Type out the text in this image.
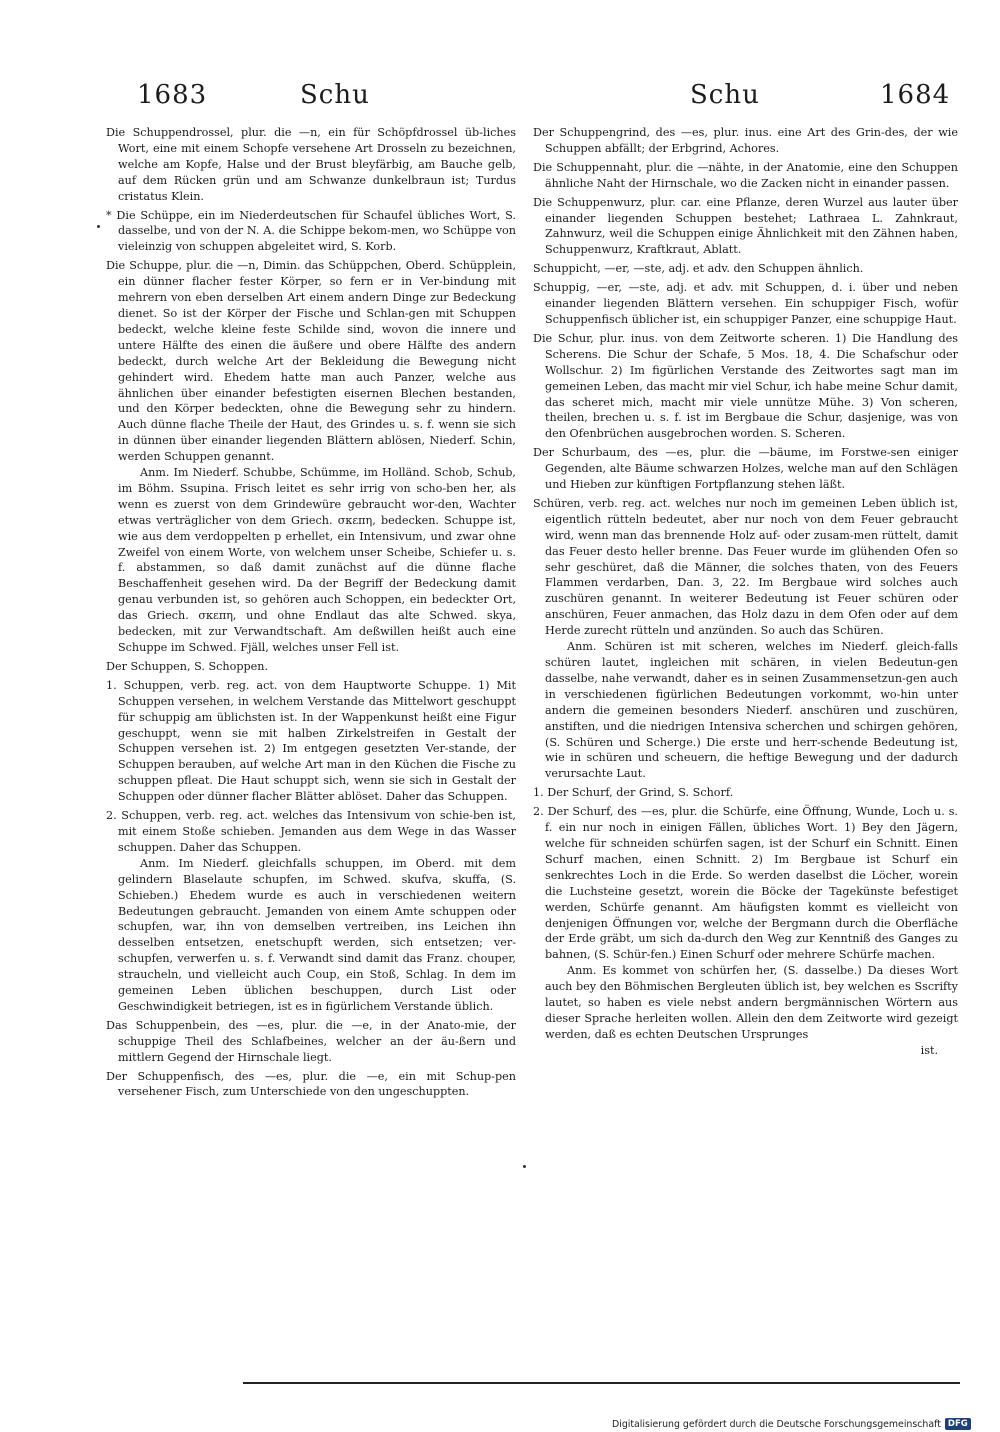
1683	Schu	Schu	1684

Die Schuppendrossel, plur. die —n, ein für Schöpfdrossel üb-liches Wort, eine mit einem Schopfe versehene Art Drosseln zu bezeichnen, welche am Kopfe, Halse und der Brust bleyfärbig, am Bauche gelb, auf dem Rücken grün und am Schwanze dunkelbraun ist; Turdus cristatus Klein.

* Die Schüppe, ein im Niederdeutschen für Schaufel übliches Wort, S. dasselbe, und von der N. A. die Schippe bekom-men, wo Schüppe von vieleinzig von schuppen abgeleitet wird, S. Korb.

Die Schuppe, plur. die —n, Dimin. das Schüppchen, Oberd. Schüpplein, ein dünner flacher fester Körper, so fern er in Ver-bindung mit mehrern von eben derselben Art einem andern Dinge zur Bedeckung dienet. So ist der Körper der Fische und Schlan-gen mit Schuppen bedeckt, welche kleine feste Schilde sind, wovon die innere und untere Hälfte des einen die äußere und obere Hälfte des andern bedeckt, durch welche Art der Bekleidung die Bewegung nicht gehindert wird. Ehedem hatte man auch Panzer, welche aus ähnlichen über einander befestigten eisernen Blechen bestanden, und den Körper bedeckten, ohne die Bewegung sehr zu hindern. Auch dünne flache Theile der Haut, des Grindes u. s. f. wenn sie sich in dünnen über einander liegenden Blättern ablösen, Niederf. Schin, werden Schuppen genannt.

Anm. Im Niederf. Schubbe, Schümme, im Holländ. Schob, Schub, im Böhm. Ssupina. Frisch leitet es sehr irrig von scho-ben her, als wenn es zuerst von dem Grindewüre gebraucht wor-den, Wachter etwas verträglicher von dem Griech. σκεπη, bedecken. Schuppe ist, wie aus dem verdoppelten p erhellet, ein Intensivum, und zwar ohne Zweifel von einem Worte, von welchem unser Scheibe, Schiefer u. s. f. abstammen, so daß damit zunächst auf die dünne flache Beschaffenheit gesehen wird. Da der Begriff der Bedeckung damit genau verbunden ist, so gehören auch Schoppen, ein bedeckter Ort, das Griech. σκεπη, und ohne Endlaut das alte Schwed. skya, bedecken, mit zur Verwandtschaft. Am deßwillen heißt auch eine Schuppe im Schwed. Fjäll, welches unser Fell ist.

Der Schuppen, S. Schoppen.

1. Schuppen, verb. reg. act. von dem Hauptworte Schuppe. 1) Mit Schuppen versehen, in welchem Verstande das Mittelwort geschuppt für schuppig am üblichsten ist. In der Wappenkunst heißt eine Figur geschuppt, wenn sie mit halben Zirkelstreifen in Gestalt der Schuppen versehen ist. 2) Im entgegen gesetzten Ver-stande, der Schuppen berauben, auf welche Art man in den Küchen die Fische zu schuppen pfleat. Die Haut schuppt sich, wenn sie sich in Gestalt der Schuppen oder dünner flacher Blätter ablöset. Daher das Schuppen.

2. Schuppen, verb. reg. act. welches das Intensivum von schie-ben ist, mit einem Stoße schieben. Jemanden aus dem Wege in das Wasser schuppen. Daher das Schuppen.

Anm. Im Niederf. gleichfalls schuppen, im Oberd. mit dem gelindern Blaselaute schupfen, im Schwed. skufva, skuffa, (S. Schieben.) Ehedem wurde es auch in verschiedenen weitern Bedeutungen gebraucht. Jemanden von einem Amte schuppen oder schupfen, war, ihn von demselben vertreiben, ins Leichen ihn desselben entsetzen, enetschupft werden, sich entsetzen; ver-schupfen, verwerfen u. s. f. Verwandt sind damit das Franz. chouper, straucheln, und vielleicht auch Coup, ein Stoß, Schlag. In dem im gemeinen Leben üblichen beschuppen, durch List oder Geschwindigkeit betriegen, ist es in figürlichem Verstande üblich.

Das Schuppenbein, des —es, plur. die —e, in der Anato-mie, der schuppige Theil des Schlafbeines, welcher an der äu-ßern und mittlern Gegend der Hirnschale liegt.

Der Schuppenfisch, des —es, plur. die —e, ein mit Schup-pen versehener Fisch, zum Unterschiede von den ungeschuppten.

Der Schuppengrind, des —es, plur. inus. eine Art des Grin-des, der wie Schuppen abfällt; der Erbgrind, Achores.

Die Schuppennaht, plur. die —nähte, in der Anatomie, eine den Schuppen ähnliche Naht der Hirnschale, wo die Zacken nicht in einander passen.

Die Schuppenwurz, plur. car. eine Pflanze, deren Wurzel aus lauter über einander liegenden Schuppen bestehet; Lathraea L. Zahnkraut, Zahnwurz, weil die Schuppen einige Ähnlichkeit mit den Zähnen haben, Schuppenwurz, Kraftkraut, Ablatt.

Schuppicht, —er, —ste, adj. et adv. den Schuppen ähnlich.

Schuppig, —er, —ste, adj. et adv. mit Schuppen, d. i. über und neben einander liegenden Blättern versehen. Ein schuppiger Fisch, wofür Schuppenfisch üblicher ist, ein schuppiger Panzer, eine schuppige Haut.

Die Schur, plur. inus. von dem Zeitworte scheren. 1) Die Handlung des Scherens. Die Schur der Schafe, 5 Mos. 18, 4. Die Schafschur oder Wollschur. 2) Im figürlichen Verstande des Zeitwortes sagt man im gemeinen Leben, das macht mir viel Schur, ich habe meine Schur damit, das scheret mich, macht mir viele unnütze Mühe. 3) Von scheren, theilen, brechen u. s. f. ist im Bergbaue die Schur, dasjenige, was von den Ofenbrüchen ausgebrochen worden. S. Scheren.

Der Schurbaum, des —es, plur. die —bäume, im Forstwe-sen einiger Gegenden, alte Bäume schwarzen Holzes, welche man auf den Schlägen und Hieben zur künftigen Fortpflanzung stehen läßt.

Schüren, verb. reg. act. welches nur noch im gemeinen Leben üblich ist, eigentlich rütteln bedeutet, aber nur noch von dem Feuer gebraucht wird, wenn man das brennende Holz auf- oder zusam-men rüttelt, damit das Feuer desto heller brenne. Das Feuer wurde im glühenden Ofen so sehr geschüret, daß die Männer, die solches thaten, von des Feuers Flammen verdarben, Dan. 3, 22. Im Bergbaue wird solches auch zuschüren genannt. In weiterer Bedeutung ist Feuer schüren oder anschüren, Feuer anmachen, das Holz dazu in dem Ofen oder auf dem Herde zurecht rütteln und anzünden. So auch das Schüren.

Anm. Schüren ist mit scheren, welches im Niederf. gleich-falls schüren lautet, ingleichen mit schären, in vielen Bedeutun-gen dasselbe, nahe verwandt, daher es in seinen Zusammensetzun-gen auch in verschiedenen figürlichen Bedeutungen vorkommt, wo-hin unter andern die gemeinen besonders Niederf. anschüren und zuschüren, anstiften, und die niedrigen Intensiva scherchen und schirgen gehören, (S. Schüren und Scherge.) Die erste und herr-schende Bedeutung ist, wie in schüren und scheuern, die heftige Bewegung und der dadurch verursachte Laut.

1. Der Schurf, der Grind, S. Schorf.

2. Der Schurf, des —es, plur. die Schürfe, eine Öffnung, Wunde, Loch u. s. f. ein nur noch in einigen Fällen, übliches Wort. 1) Bey den Jägern, welche für schneiden schürfen sagen, ist der Schurf ein Schnitt. Einen Schurf machen, einen Schnitt. 2) Im Bergbaue ist Schurf ein senkrechtes Loch in die Erde. So werden daselbst die Löcher, worein die Luchsteine gesetzt, worein die Böcke der Tagekünste befestiget werden, Schürfe genannt. Am häufigsten kommt es vielleicht von denjenigen Öffnungen vor, welche der Bergmann durch die Oberfläche der Erde gräbt, um sich da-durch den Weg zur Kenntniß des Ganges zu bahnen, (S. Schür-fen.) Einen Schurf oder mehrere Schürfe machen.

Anm. Es kommet von schürfen her, (S. dasselbe.) Da dieses Wort auch bey den Böhmischen Bergleuten üblich ist, bey welchen es Sscrifty lautet, so haben es viele nebst andern bergmännischen Wörtern aus dieser Sprache herleiten wollen. Allein den dem Zeitworte wird gezeigt werden, daß es echten Deutschen Ursprunges

ist.

Digitalisierung gefördert durch die Deutsche Forschungsgemeinschaft DFG
